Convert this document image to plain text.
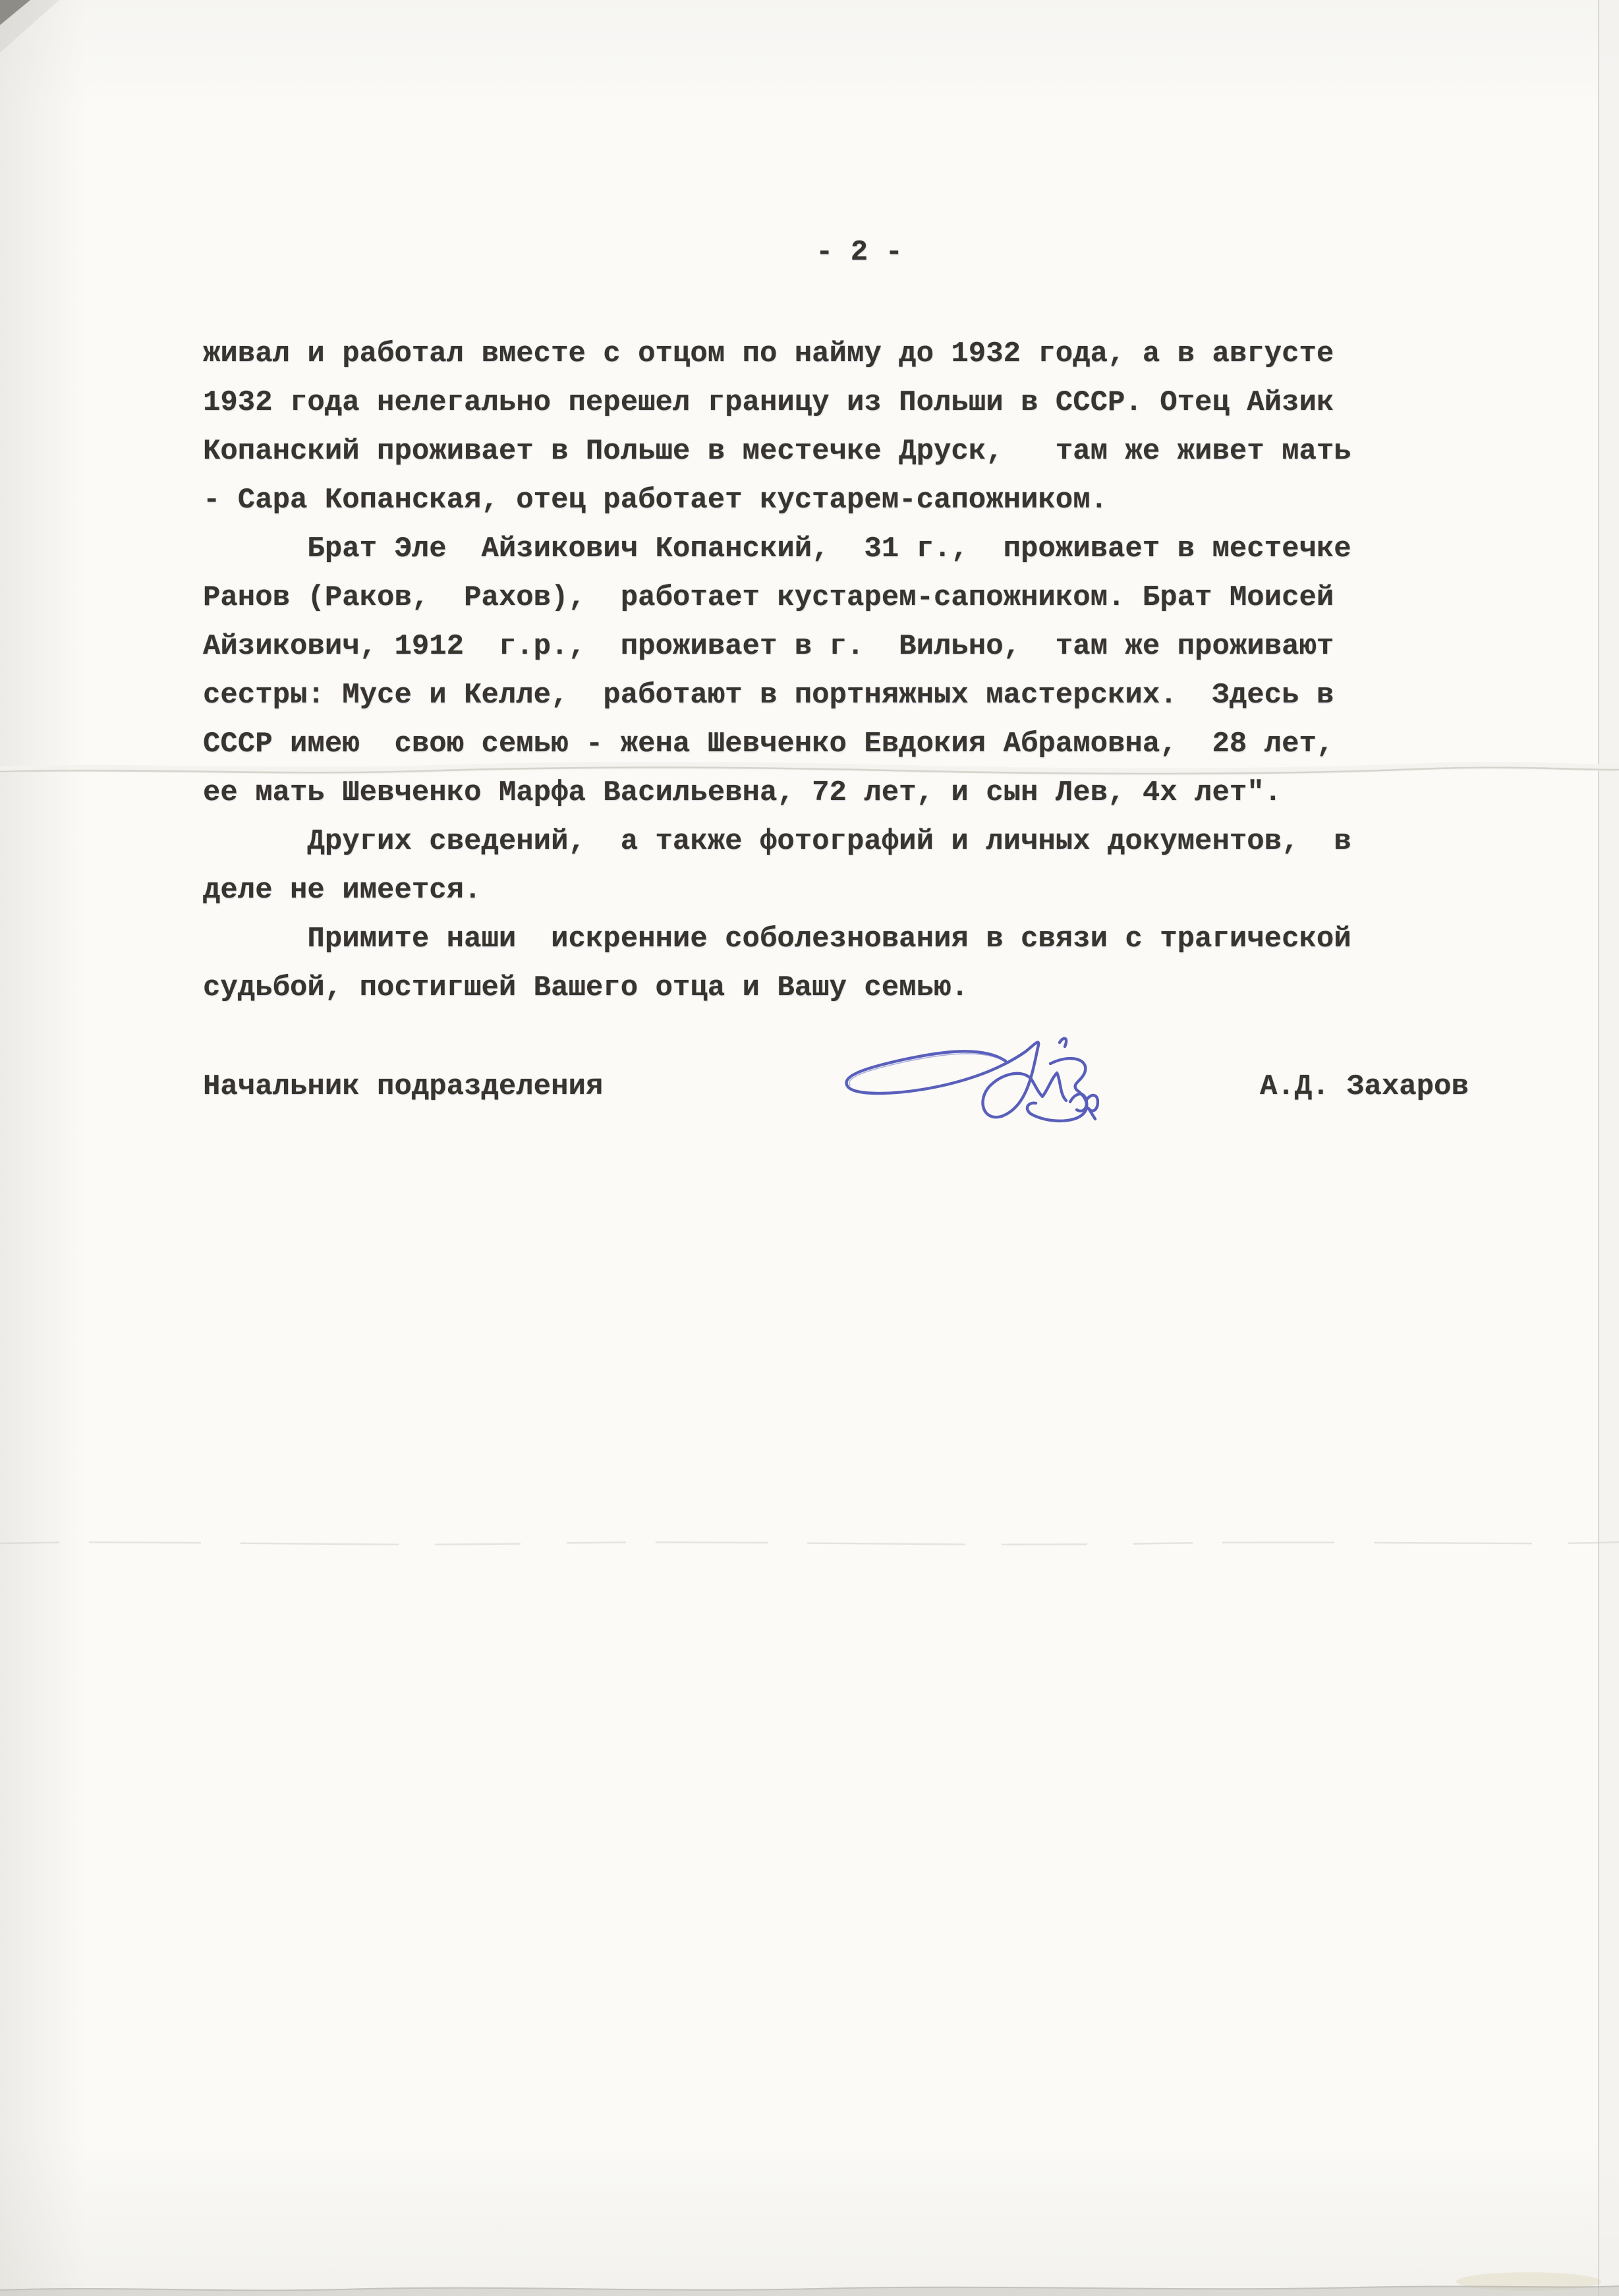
- 2 -
живал и работал вместе с отцом по найму до 1932 года, а в августе
1932 года нелегально перешел границу из Польши в СССР. Отец Айзик
Копанский проживает в Польше в местечке Друск,   там же живет мать
- Сара Копанская, отец работает кустарем-сапожником.
Брат Эле  Айзикович Копанский,  31 г.,  проживает в местечке
Ранов (Раков,  Рахов),  работает кустарем-сапожником. Брат Моисей
Айзикович, 1912  г.р.,  проживает в г.  Вильно,  там же проживают
сестры: Мусе и Келле,  работают в портняжных мастерских.  Здесь в
СССР имею  свою семью - жена Шевченко Евдокия Абрамовна,  28 лет,
ее мать Шевченко Марфа Васильевна, 72 лет, и сын Лев, 4х лет".
Других сведений,  а также фотографий и личных документов,  в
деле не имеется.
Примите наши  искренние соболезнования в связи с трагической
судьбой, постигшей Вашего отца и Вашу семью.
Начальник подразделения	А.Д. Захаров
